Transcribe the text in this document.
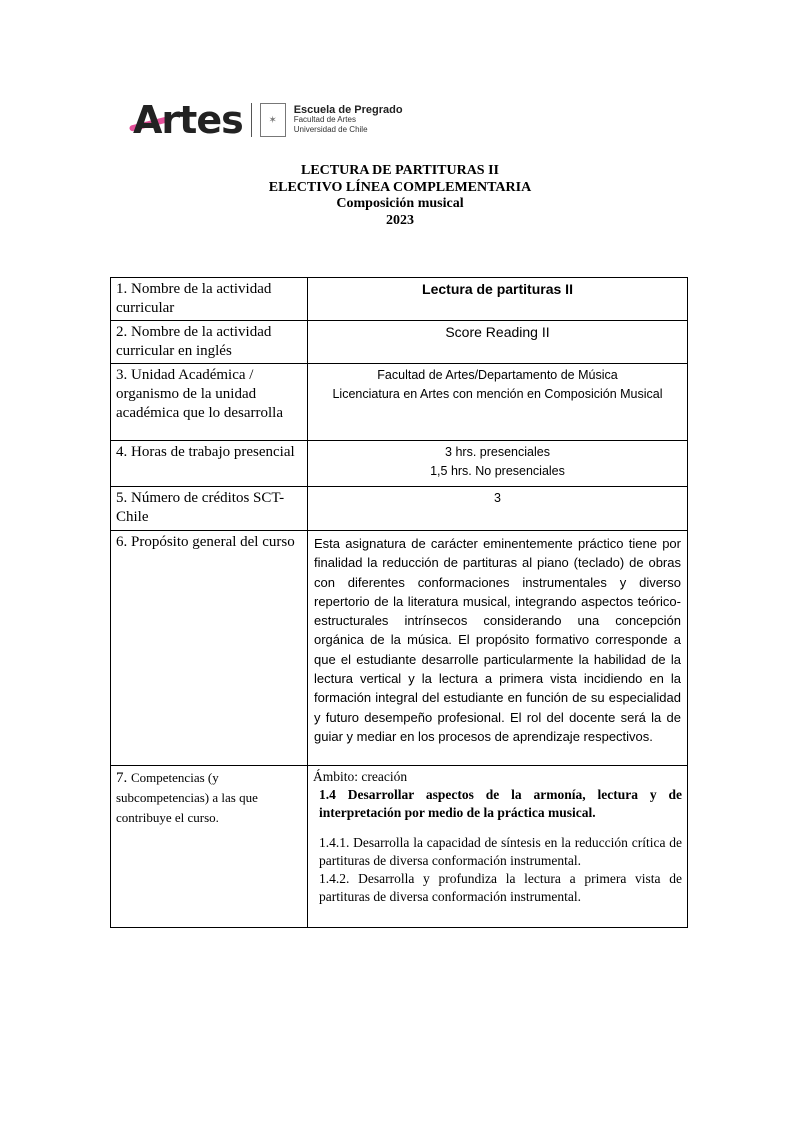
Artes	✶
Escuela de Pregrado
Facultad de Artes
Universidad de Chile
LECTURA DE PARTITURAS II
ELECTIVO LÍNEA COMPLEMENTARIA
Composición musical
2023
1. Nombre de la actividad curricular	Lectura de partituras II
2. Nombre de la actividad curricular en inglés	Score Reading II
3. Unidad Académica / organismo de la unidad académica que lo desarrolla	Facultad de Artes/Departamento de Música
Licenciatura en Artes con mención en Composición Musical

4. Horas de trabajo presencial	3 hrs. presenciales
1,5 hrs. No presenciales

5. Número de créditos SCT-Chile	3
6. Propósito general del curso	Esta asignatura de carácter eminentemente práctico tiene por finalidad la reducción de partituras al piano (teclado) de obras con diferentes conformaciones instrumentales y diverso repertorio de la literatura musical, integrando aspectos teórico-estructurales intrínsecos considerando una concepción orgánica de la música. El propósito formativo corresponde a que el estudiante desarrolle particularmente la habilidad de la lectura vertical y la lectura a primera vista incidiendo en la formación integral del estudiante en función de su especialidad y futuro desempeño profesional. El rol del docente será la de guiar y mediar en los procesos de aprendizaje respectivos.
7. Competencias (y subcompetencias) a las que contribuye el curso.	Ámbito: creación
1.4 Desarrollar aspectos de la armonía, lectura y de interpretación por medio de la práctica musical.
1.4.1. Desarrolla la capacidad de síntesis en la reducción crítica de partituras de diversa conformación instrumental.
1.4.2. Desarrolla y profundiza la lectura a primera vista de partituras de diversa conformación instrumental.
